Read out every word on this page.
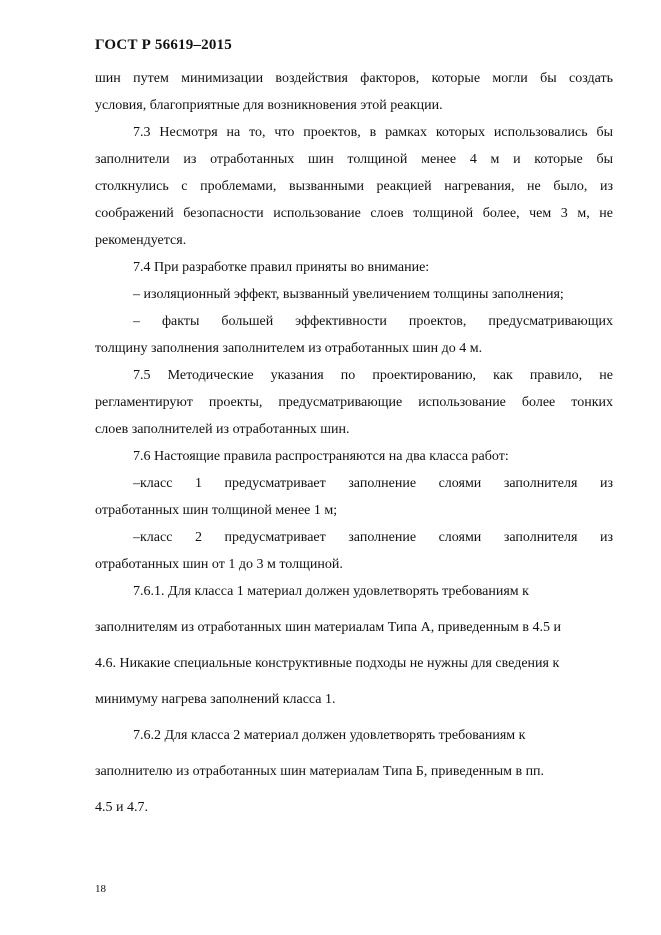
ГОСТ Р 56619–2015
шин путем минимизации воздействия факторов, которые могли бы создать
условия, благоприятные для возникновения этой реакции.
7.3 Несмотря на то, что проектов, в рамках которых использовались бы
заполнители из отработанных шин толщиной менее 4 м и которые бы
столкнулись с проблемами, вызванными реакцией нагревания, не было, из
соображений безопасности использование слоев толщиной более, чем 3 м, не
рекомендуется.
7.4 При разработке правил приняты во внимание:
– изоляционный эффект, вызванный увеличением толщины заполнения;
– факты большей эффективности проектов, предусматривающих
толщину заполнения заполнителем из отработанных шин до 4 м.
7.5 Методические указания по проектированию, как правило, не
регламентируют проекты, предусматривающие использование более тонких
слоев заполнителей из отработанных шин.
7.6 Настоящие правила распространяются на два класса работ:
–класс 1 предусматривает заполнение слоями заполнителя из
отработанных шин толщиной менее 1 м;
–класс 2 предусматривает заполнение слоями заполнителя из
отработанных шин от 1 до 3 м толщиной.
7.6.1. Для класса 1 материал должен удовлетворять требованиям к
заполнителям из отработанных шин материалам Типа А, приведенным в 4.5 и
4.6. Никакие специальные конструктивные подходы не нужны для сведения к
минимуму нагрева заполнений класса 1.
7.6.2 Для класса 2 материал должен удовлетворять требованиям к
заполнителю из отработанных шин материалам Типа Б, приведенным в пп.
4.5 и 4.7.
18
